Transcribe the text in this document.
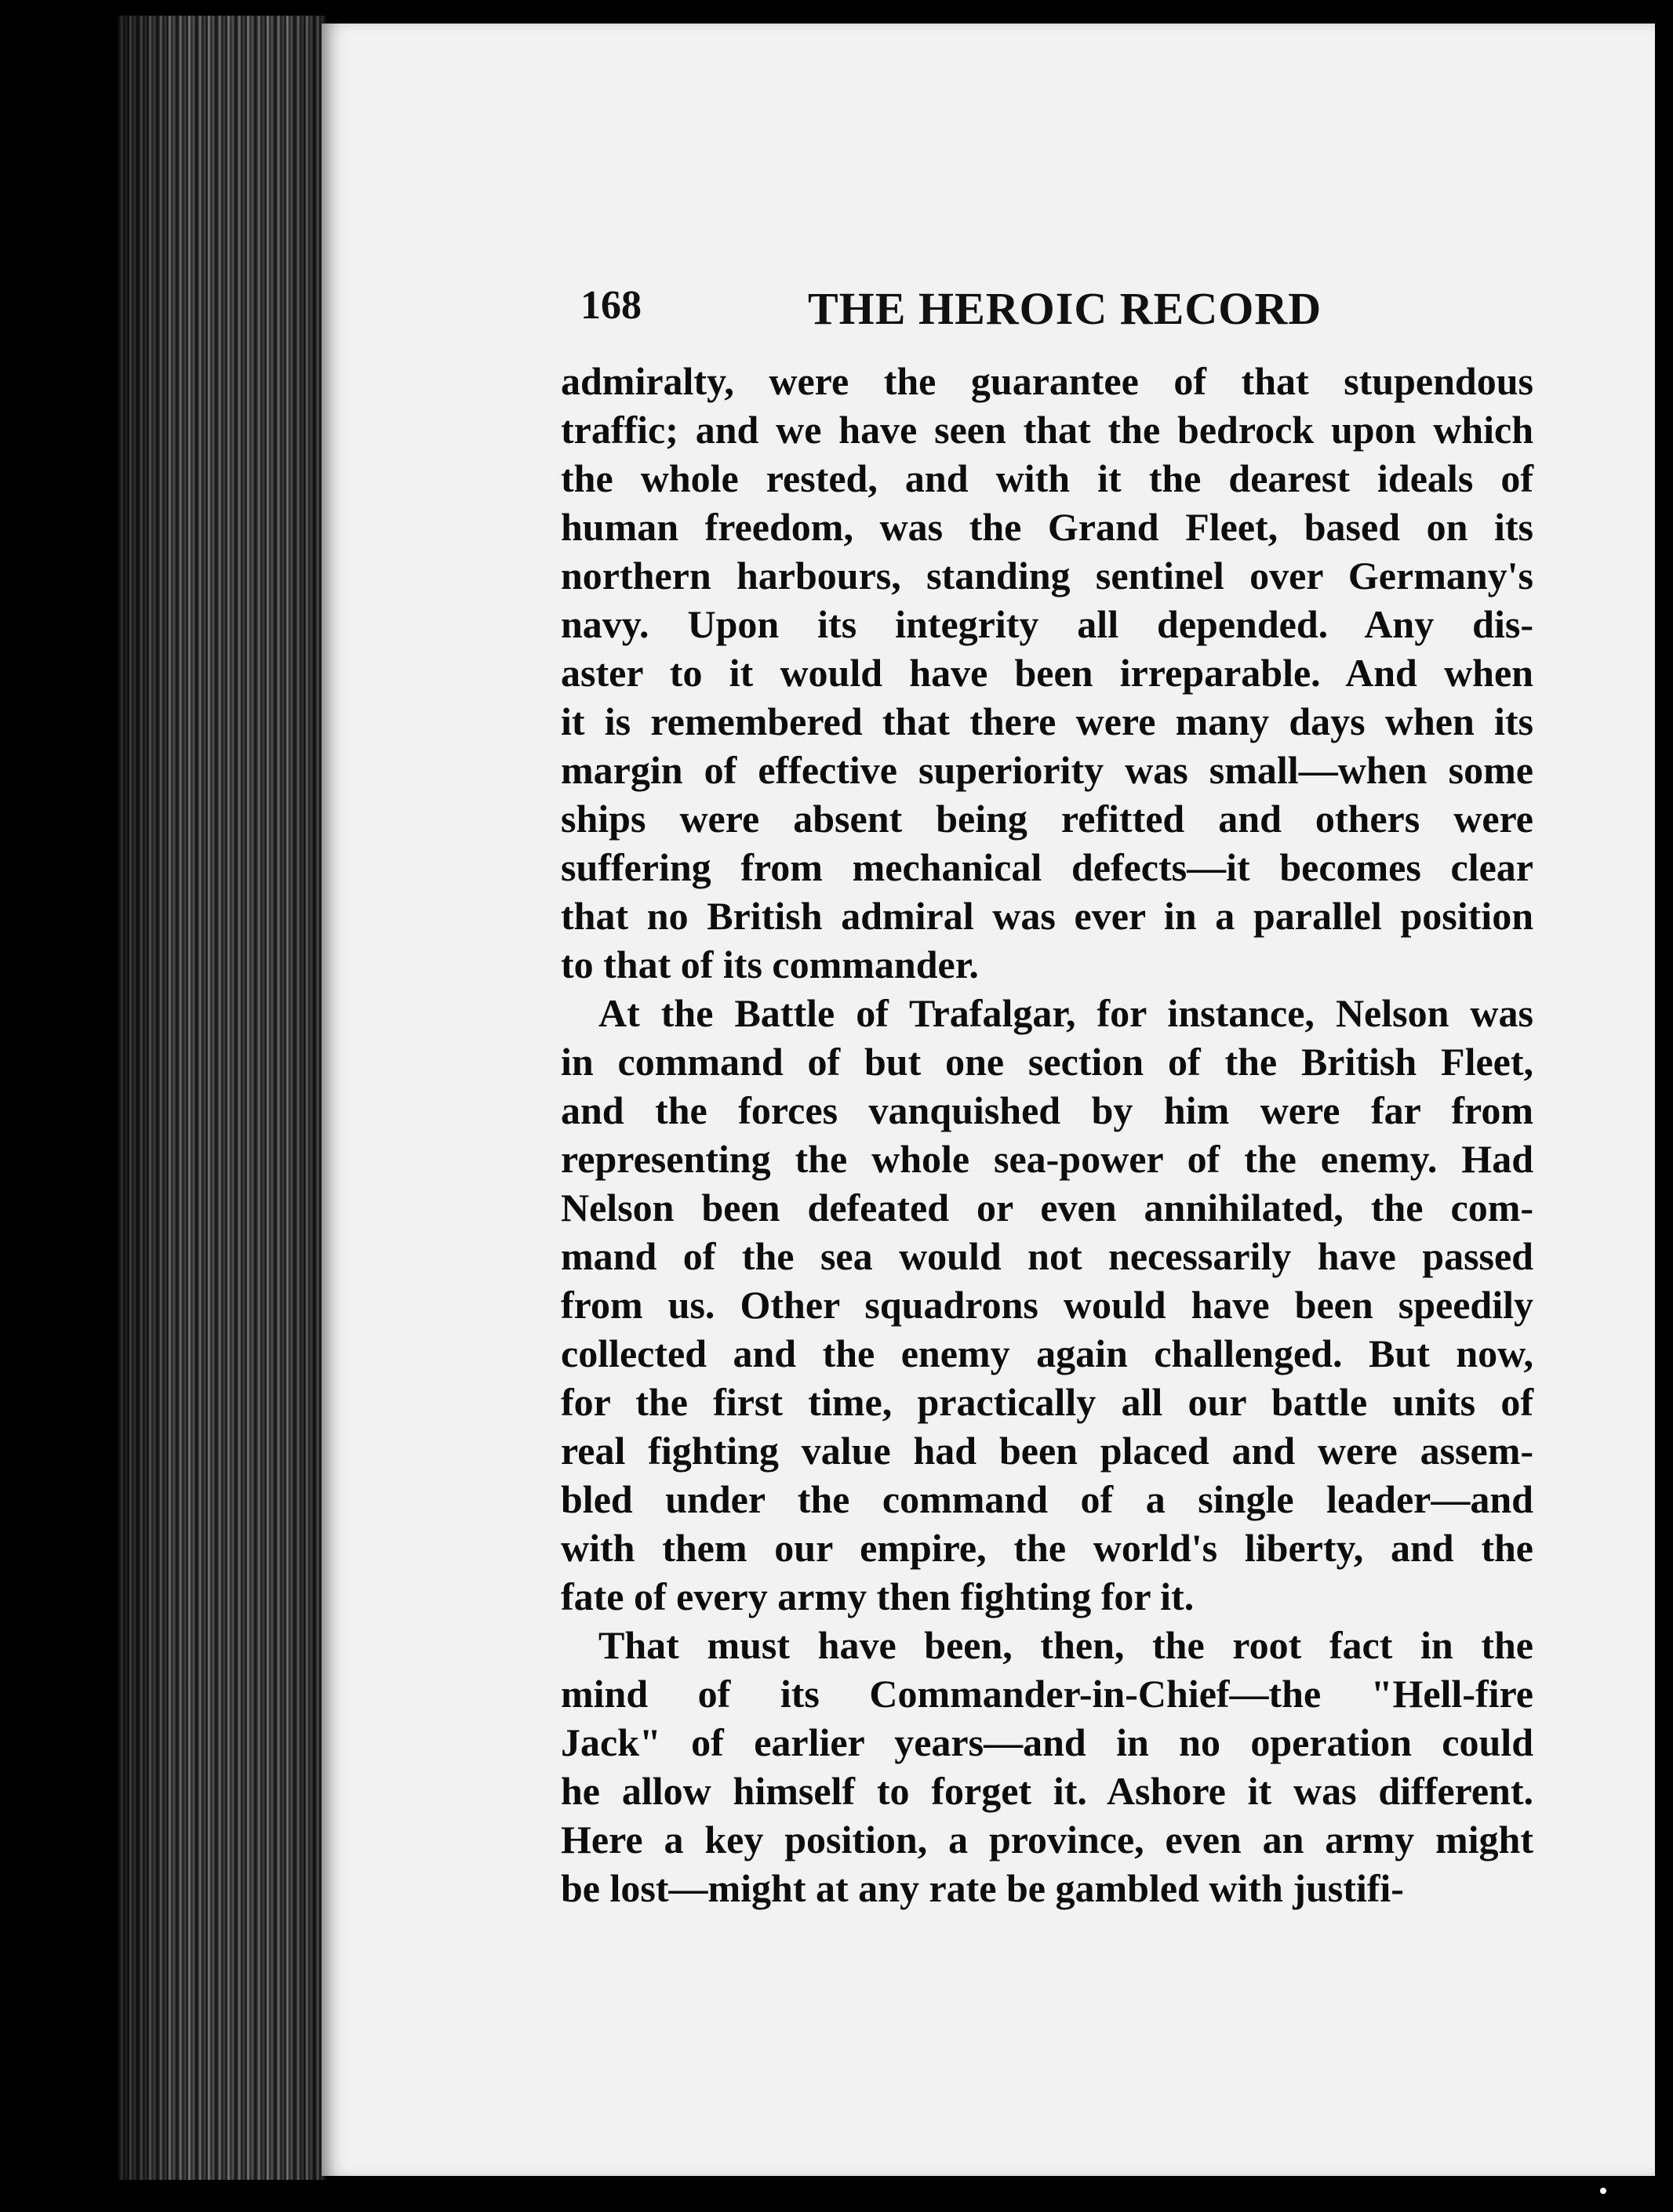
168	THE HEROIC RECORD
admiralty, were the guarantee of that stupendous
traffic; and we have seen that the bedrock upon which
the whole rested, and with it the dearest ideals of
human freedom, was the Grand Fleet, based on its
northern harbours, standing sentinel over Germany's
navy. Upon its integrity all depended. Any dis-
aster to it would have been irreparable. And when
it is remembered that there were many days when its
margin of effective superiority was small—when some
ships were absent being refitted and others were
suffering from mechanical defects—it becomes clear
that no British admiral was ever in a parallel position
to that of its commander.
At the Battle of Trafalgar, for instance, Nelson was
in command of but one section of the British Fleet,
and the forces vanquished by him were far from
representing the whole sea-power of the enemy. Had
Nelson been defeated or even annihilated, the com-
mand of the sea would not necessarily have passed
from us. Other squadrons would have been speedily
collected and the enemy again challenged. But now,
for the first time, practically all our battle units of
real fighting value had been placed and were assem-
bled under the command of a single leader—and
with them our empire, the world's liberty, and the
fate of every army then fighting for it.
That must have been, then, the root fact in the
mind of its Commander-in-Chief—the "Hell-fire
Jack" of earlier years—and in no operation could
he allow himself to forget it. Ashore it was different.
Here a key position, a province, even an army might
be lost—might at any rate be gambled with justifi-
